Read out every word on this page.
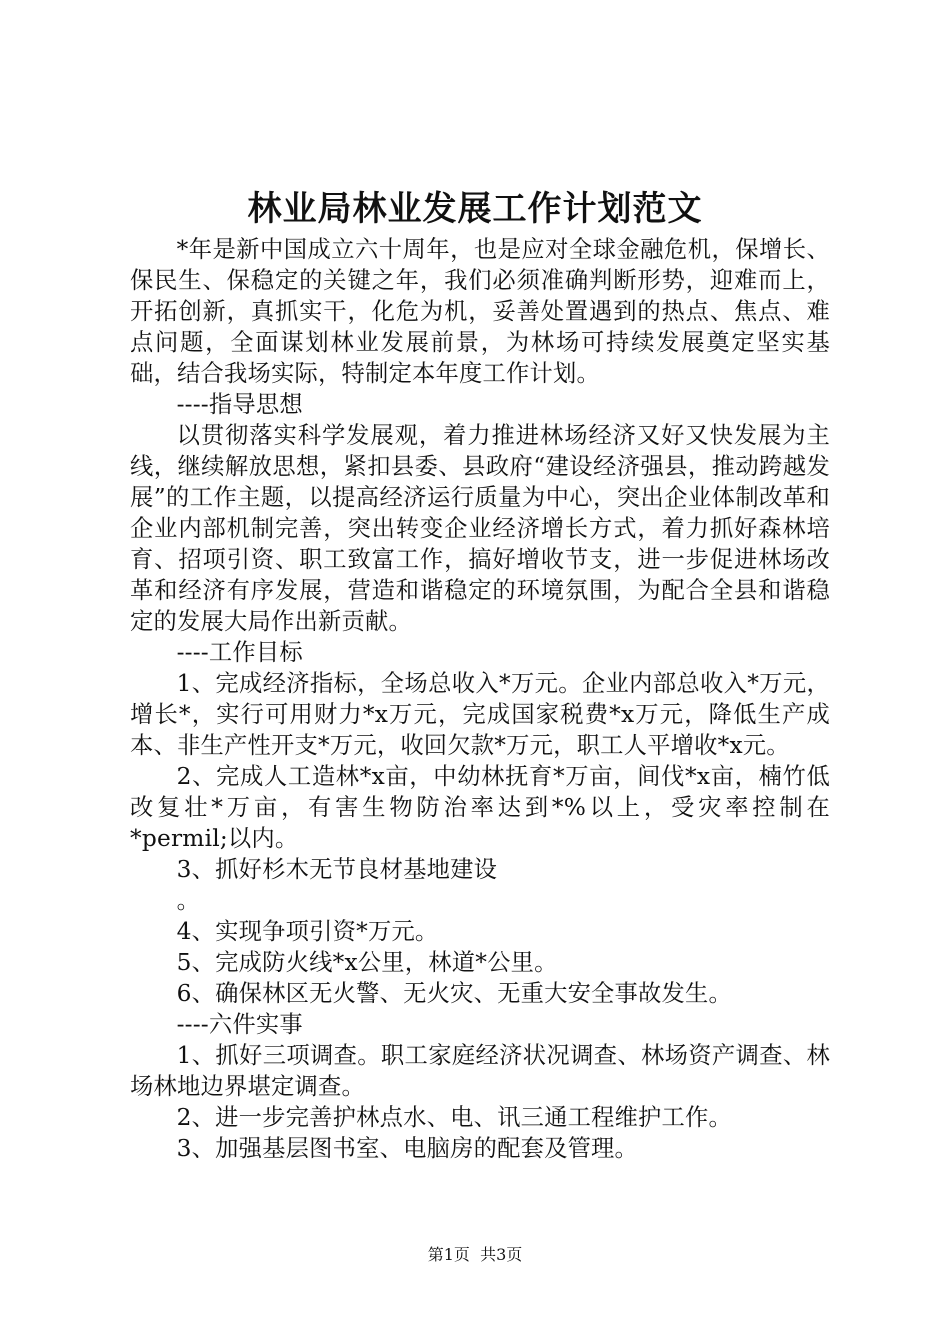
林业局林业发展工作计划范文

*年是新中国成立六十周年，也是应对全球金融危机，保增长、保民生、保稳定的关键之年，我们必须准确判断形势，迎难而上，开拓创新，真抓实干，化危为机，妥善处置遇到的热点、焦点、难点问题，全面谋划林业发展前景，为林场可持续发展奠定坚实基础，结合我场实际，特制定本年度工作计划。

----指导思想

以贯彻落实科学发展观，着力推进林场经济又好又快发展为主线，继续解放思想，紧扣县委、县政府“建设经济强县，推动跨越发展”的工作主题，以提高经济运行质量为中心，突出企业体制改革和企业内部机制完善，突出转变企业经济增长方式，着力抓好森林培育、招项引资、职工致富工作，搞好增收节支，进一步促进林场改革和经济有序发展，营造和谐稳定的环境氛围，为配合全县和谐稳定的发展大局作出新贡献。

----工作目标

1、完成经济指标，全场总收入*万元。企业内部总收入*万元，增长*，实行可用财力*x万元，完成国家税费*x万元，降低生产成本、非生产性开支*万元，收回欠款*万元，职工人平增收*x元。

2、完成人工造林*x亩，中幼林抚育*万亩，间伐*x亩，楠竹低改复壮*万亩，有害生物防治率达到*%以上，受灾率控制在*permil;以内。

3、抓好杉木无节良材基地建设

。

4、实现争项引资*万元。

5、完成防火线*x公里，林道*公里。

6、确保林区无火警、无火灾、无重大安全事故发生。

----六件实事

1、抓好三项调查。职工家庭经济状况调查、林场资产调查、林场林地边界堪定调查。

2、进一步完善护林点水、电、讯三通工程维护工作。

3、加强基层图书室、电脑房的配套及管理。

第1页  共3页
